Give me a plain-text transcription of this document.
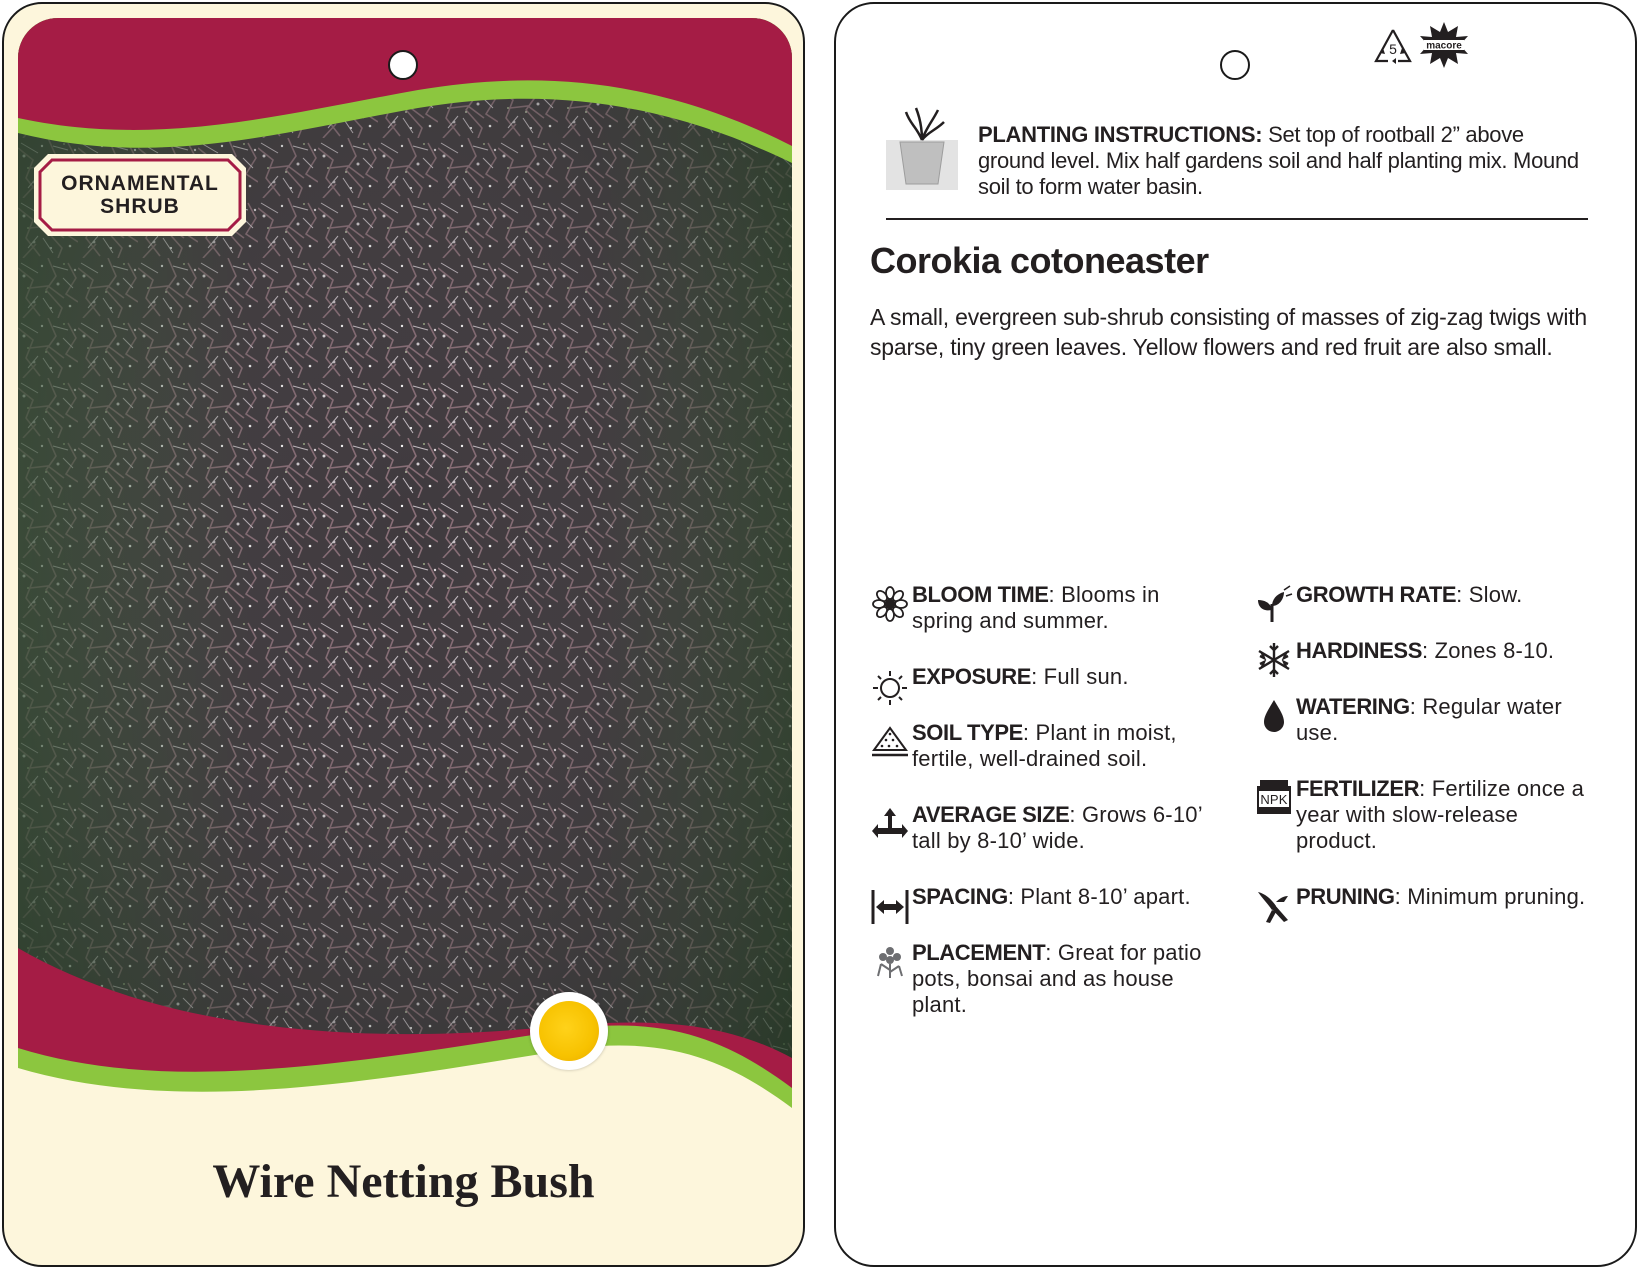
ORNAMENTAL
SHRUB
Wire Netting Bush
5	macore
PLANTING INSTRUCTIONS: Set top of rootball 2” above ground level. Mix half gardens soil and half planting mix. Mound soil to form water basin.
Corokia cotoneaster
A small, evergreen sub-shrub consisting of masses of zig-zag twigs with sparse, tiny green leaves. Yellow flowers and red fruit are also small.
BLOOM TIME: Blooms in spring and summer.
EXPOSURE: Full sun.
SOIL TYPE: Plant in moist, fertile, well-drained soil.
AVERAGE SIZE: Grows 6-10’ tall by 8-10’ wide.
SPACING: Plant 8-10’ apart.
PLACEMENT: Great for patio pots, bonsai and as house plant.
GROWTH RATE: Slow.
HARDINESS: Zones 8-10.
WATERING: Regular water use.
NPK FERTILIZER: Fertilize once a year with slow-release product.
PRUNING: Minimum pruning.
